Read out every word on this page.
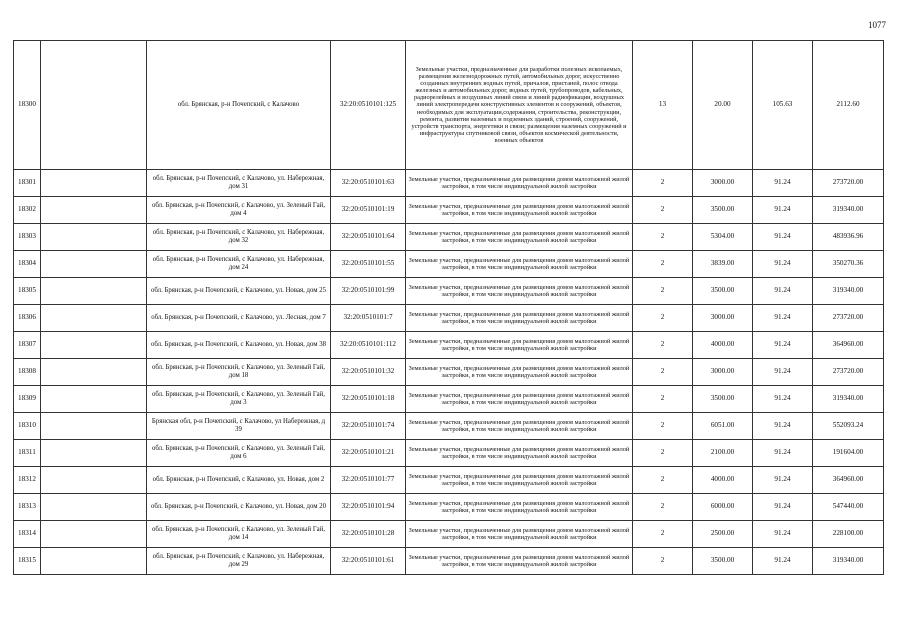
1077
18300		обл. Брянская, р-н Почепский, с Калачово	32:20:0510101:125	Земельные участки, предназначенные для разработки полезных ископаемых, размещения железнодорожных путей, автомобильных дорог, искусственно созданных внутренних водных путей, причалов, пристаней, полос отвода железных и автомобильных дорог, водных путей, трубопроводов, кабельных, радиорелейных и воздушных линий связи и линий радиофикации, воздушных линий электропередачи конструктивных элементов и сооружений, объектов, необходимых для эксплуатации,содержания, строительства, реконструкции, ремонта, развития наземных и подземных зданий, строений, сооружений, устройств транспорта, энергетики и связи; размещения наземных сооружений и инфраструктуры спутниковой связи, объектов космической деятельности, военных объектов	13	20.00	105.63	2112.60
18301		обл. Брянская, р-н Почепский, с Калачово, ул. Набережная, дом 31	32:20:0510101:63	Земельные участки, предназначенные для размещения домов малоэтажной жилой застройки, в том числе индивидуальной жилой застройки	2	3000.00	91.24	273720.00
18302		обл. Брянская, р-н Почепский, с Калачово, ул. Зеленый Гай, дом 4	32:20:0510101:19	Земельные участки, предназначенные для размещения домов малоэтажной жилой застройки, в том числе индивидуальной жилой застройки	2	3500.00	91.24	319340.00
18303		обл. Брянская, р-н Почепский, с Калачово, ул. Набережная, дом 32	32:20:0510101:64	Земельные участки, предназначенные для размещения домов малоэтажной жилой застройки, в том числе индивидуальной жилой застройки	2	5304.00	91.24	483936.96
18304		обл. Брянская, р-н Почепский, с Калачово, ул. Набережная, дом 24	32:20:0510101:55	Земельные участки, предназначенные для размещения домов малоэтажной жилой застройки, в том числе индивидуальной жилой застройки	2	3839.00	91.24	350270.36
18305		обл. Брянская, р-н Почепский, с Калачово, ул. Новая, дом 25	32:20:0510101:99	Земельные участки, предназначенные для размещения домов малоэтажной жилой застройки, в том числе индивидуальной жилой застройки	2	3500.00	91.24	319340.00
18306		обл. Брянская, р-н Почепский, с Калачово, ул. Лесная, дом 7	32:20:0510101:7	Земельные участки, предназначенные для размещения домов малоэтажной жилой застройки, в том числе индивидуальной жилой застройки	2	3000.00	91.24	273720.00
18307		обл. Брянская, р-н Почепский, с Калачово, ул. Новая, дом 38	32:20:0510101:112	Земельные участки, предназначенные для размещения домов малоэтажной жилой застройки, в том числе индивидуальной жилой застройки	2	4000.00	91.24	364960.00
18308		обл. Брянская, р-н Почепский, с Калачово, ул. Зеленый Гай, дом 18	32:20:0510101:32	Земельные участки, предназначенные для размещения домов малоэтажной жилой застройки, в том числе индивидуальной жилой застройки	2	3000.00	91.24	273720.00
18309		обл. Брянская, р-н Почепский, с Калачово, ул. Зеленый Гай, дом 3	32:20:0510101:18	Земельные участки, предназначенные для размещения домов малоэтажной жилой застройки, в том числе индивидуальной жилой застройки	2	3500.00	91.24	319340.00
18310		Брянская обл, р-н Почепский, с Калачово, ул Набережная, д 39	32:20:0510101:74	Земельные участки, предназначенные для размещения домов малоэтажной жилой застройки, в том числе индивидуальной жилой застройки	2	6051.00	91.24	552093.24
18311		обл. Брянская, р-н Почепский, с Калачово, ул. Зеленый Гай, дом 6	32:20:0510101:21	Земельные участки, предназначенные для размещения домов малоэтажной жилой застройки, в том числе индивидуальной жилой застройки	2	2100.00	91.24	191604.00
18312		обл. Брянская, р-н Почепский, с Калачово, ул. Новая, дом 2	32:20:0510101:77	Земельные участки, предназначенные для размещения домов малоэтажной жилой застройки, в том числе индивидуальной жилой застройки	2	4000.00	91.24	364960.00
18313		обл. Брянская, р-н Почепский, с Калачово, ул. Новая, дом 20	32:20:0510101:94	Земельные участки, предназначенные для размещения домов малоэтажной жилой застройки, в том числе индивидуальной жилой застройки	2	6000.00	91.24	547440.00
18314		обл. Брянская, р-н Почепский, с Калачово, ул. Зеленый Гай, дом 14	32:20:0510101:28	Земельные участки, предназначенные для размещения домов малоэтажной жилой застройки, в том числе индивидуальной жилой застройки	2	2500.00	91.24	228100.00
18315		обл. Брянская, р-н Почепский, с Калачово, ул. Набережная, дом 29	32:20:0510101:61	Земельные участки, предназначенные для размещения домов малоэтажной жилой застройки, в том числе индивидуальной жилой застройки	2	3500.00	91.24	319340.00
